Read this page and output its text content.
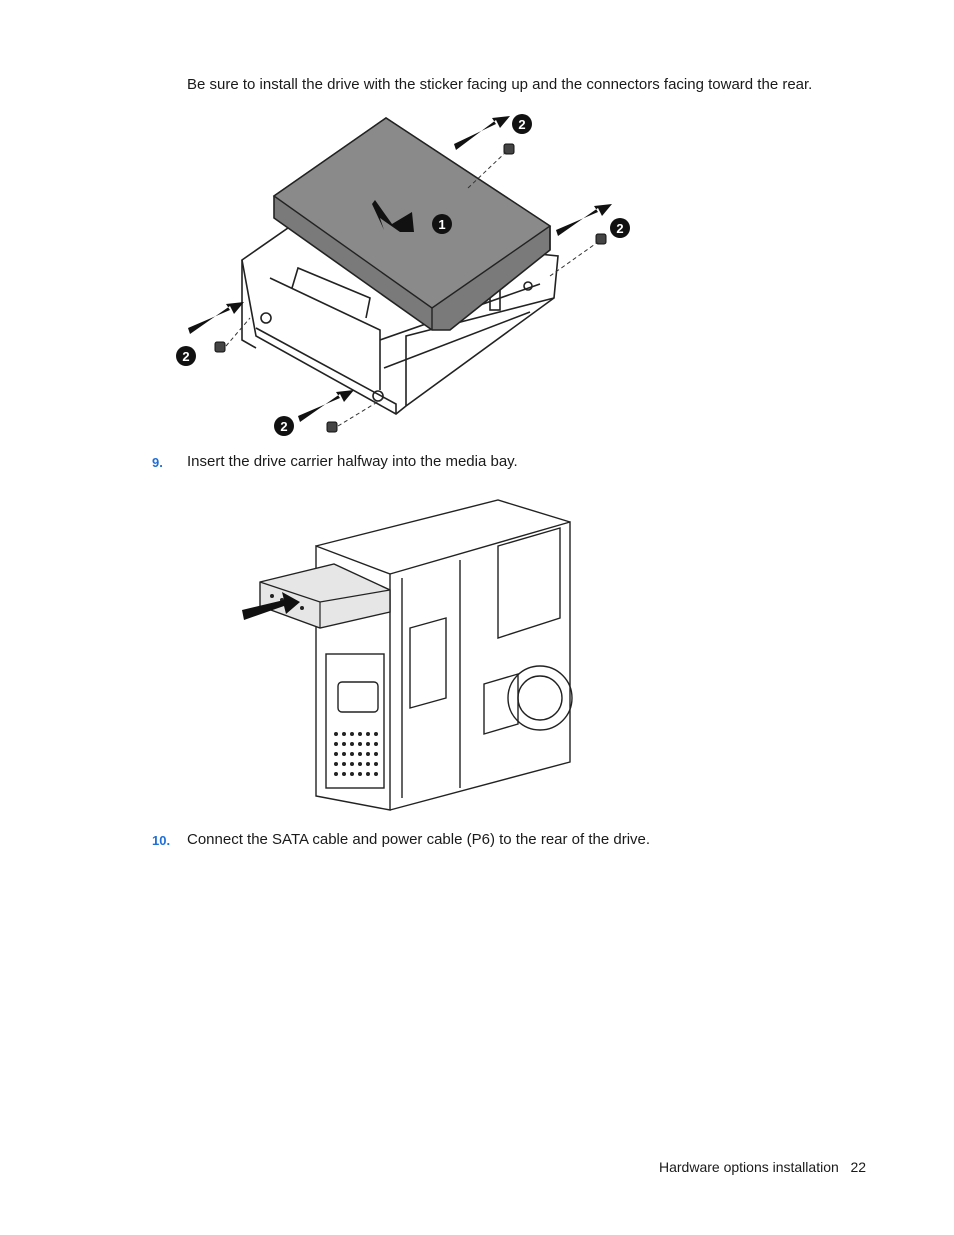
Be sure to install the drive with the sticker facing up and the connectors facing toward the rear.
1
2
2
2
2
9. Insert the drive carrier halfway into the media bay.
10. Connect the SATA cable and power cable (P6) to the rear of the drive.
Hardware options installation 22
